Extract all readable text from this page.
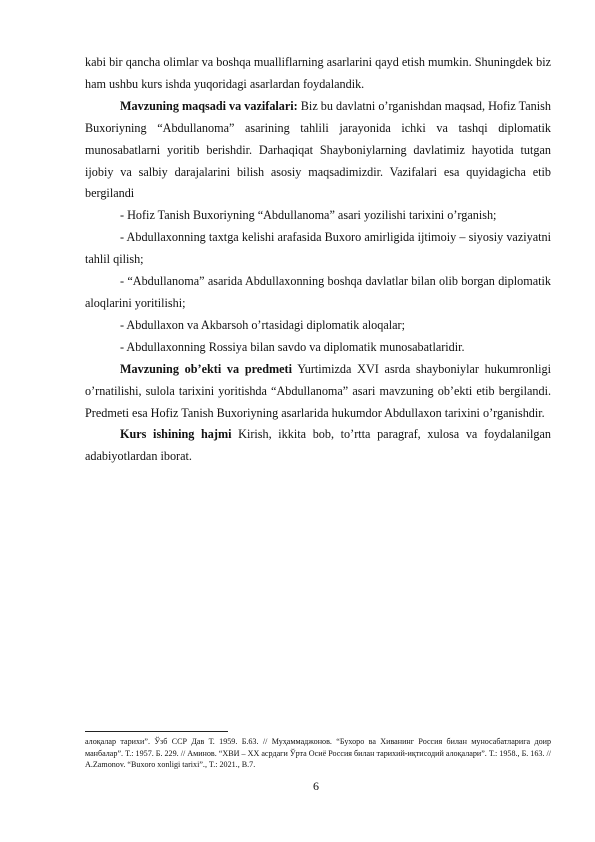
kabi bir qancha olimlar va boshqa mualliflarning asarlarini qayd etish mumkin. Shuningdek biz ham ushbu kurs ishda yuqoridagi asarlardan foydalandik.

Mavzuning maqsadi va vazifalari: Biz bu davlatni o’rganishdan maqsad, Hofiz Tanish Buxoriyning “Abdullanoma” asarining tahlili jarayonida ichki va tashqi diplomatik munosabatlarni yoritib berishdir. Darhaqiqat Shayboniylarning davlatimiz hayotida tutgan ijobiy va salbiy darajalarini bilish asosiy maqsadimizdir. Vazifalari esa quyidagicha etib bergilandi

- Hofiz Tanish Buxoriyning “Abdullanoma” asari yozilishi tarixini o’rganish;

- Abdullaxonning taxtga kelishi arafasida Buxoro amirligida ijtimoiy – siyosiy vaziyatni tahlil qilish;

- “Abdullanoma” asarida Abdullaxonning boshqa davlatlar bilan olib borgan diplomatik aloqlarini yoritilishi;

- Abdullaxon va Akbarsoh o’rtasidagi diplomatik aloqalar;

- Abdullaxonning Rossiya bilan savdo va diplomatik munosabatlaridir.

Mavzuning ob’ekti va predmeti Yurtimizda XVI asrda shayboniylar hukumronligi o’rnatilishi, sulola tarixini yoritishda “Abdullanoma” asari mavzuning ob’ekti etib bergilandi. Predmeti esa Hofiz Tanish Buxoriyning asarlarida hukumdor Abdullaxon tarixini o’rganishdir.

Kurs ishining hajmi Kirish, ikkita bob, to’rtta paragraf, xulosa va foydalanilgan adabiyotlardan iborat.

алоқалар тарихи”. Ўзб ССР Дав Т. 1959. Б.63. // Муҳаммаджонов. “Бухоро ва Хиванинг Россия билан муносабатларига доир манбалар”. Т.: 1957. Б. 229. // Аминов. “XВИ – XX асрдаги Ўрта Осиё Россия билан тарихий-иқтисодий алоқалари”. Т.: 1958., Б. 163. // A.Zamonov. “Buxoro xonligi tarixi”., T.: 2021., B.7.
6
